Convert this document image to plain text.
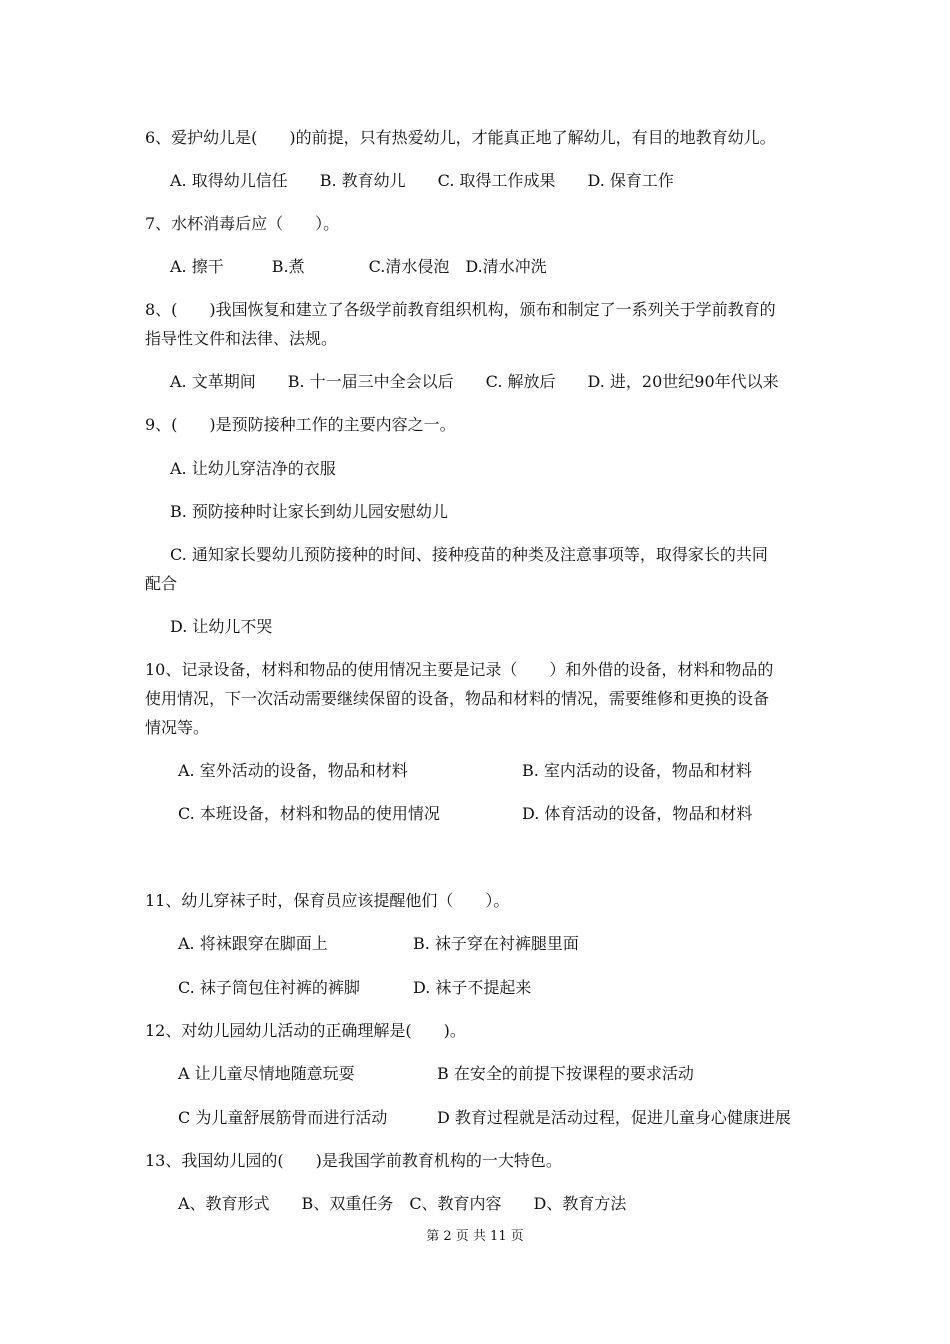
6、爱护幼儿是(　　)的前提，只有热爱幼儿，才能真正地了解幼儿，有目的地教育幼儿。
A. 取得幼儿信任　　B. 教育幼儿　　C. 取得工作成果　　D. 保育工作
7、水杯消毒后应（　　）。
A. 擦干　　　B.煮　　　　C.清水侵泡　D.清水冲洗
8、(　　)我国恢复和建立了各级学前教育组织机构，颁布和制定了一系列关于学前教育的
指导性文件和法律、法规。
A. 文革期间　　B. 十一届三中全会以后　　C. 解放后　　D. 进，20世纪90年代以来
9、(　　)是预防接种工作的主要内容之一。
A. 让幼儿穿洁净的衣服
B. 预防接种时让家长到幼儿园安慰幼儿
C. 通知家长婴幼儿预防接种的时间、接种疫苗的种类及注意事项等，取得家长的共同
配合
D. 让幼儿不哭
10、记录设备，材料和物品的使用情况主要是记录（　　）和外借的设备，材料和物品的
使用情况，下一次活动需要继续保留的设备，物品和材料的情况，需要维修和更换的设备
情况等。
A. 室外活动的设备，物品和材料	B. 室内活动的设备，物品和材料
C. 本班设备，材料和物品的使用情况	D. 体育活动的设备，物品和材料
11、幼儿穿袜子时，保育员应该提醒他们（　　）。
A. 将袜跟穿在脚面上	B. 袜子穿在衬裤腿里面
C. 袜子筒包住衬裤的裤脚	D. 袜子不提起来
12、对幼儿园幼儿活动的正确理解是(　　)。
A 让儿童尽情地随意玩耍	B 在安全的前提下按课程的要求活动
C 为儿童舒展筋骨而进行活动	D 教育过程就是活动过程，促进儿童身心健康进展
13、我国幼儿园的(　　)是我国学前教育机构的一大特色。
A、教育形式　　B、双重任务　C、教育内容　　D、教育方法
第 2 页 共 11 页
